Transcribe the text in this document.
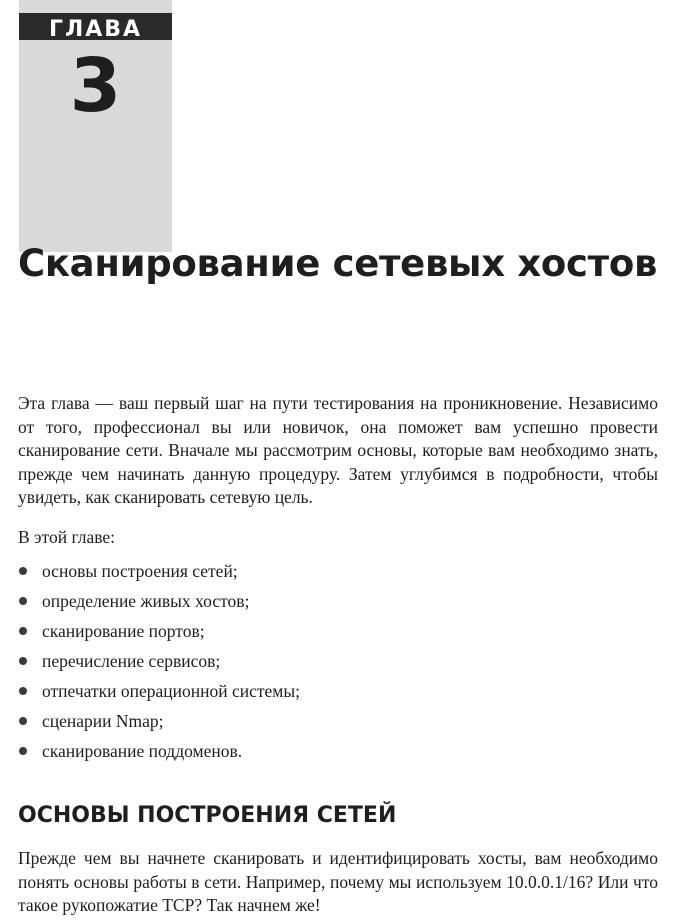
ГЛАВА
3
Сканирование сетевых хостов

Эта глава — ваш первый шаг на пути тестирования на проникновение. Независимо от того, профессионал вы или новичок, она поможет вам успешно провести сканирование сети. Вначале мы рассмотрим основы, которые вам необходимо знать, прежде чем начинать данную процедуру. Затем углубимся в подробности, чтобы увидеть, как сканировать сетевую цель.

В этой главе:

основы построения сетей;
определение живых хостов;
сканирование портов;
перечисление сервисов;
отпечатки операционной системы;
сценарии Nmap;
сканирование поддоменов.
ОСНОВЫ ПОСТРОЕНИЯ СЕТЕЙ

Прежде чем вы начнете сканировать и идентифицировать хосты, вам необходимо понять основы работы в сети. Например, почему мы используем 10.0.0.1/16? Или что такое рукопожатие TCP? Так начнем же!
